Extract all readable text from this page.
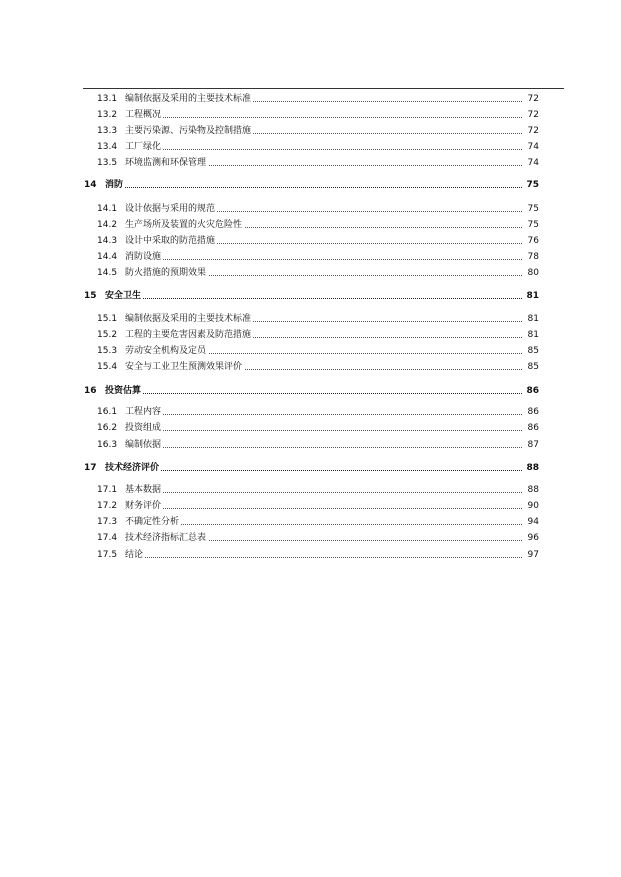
13.1 编制依据及采用的主要技术标准	72
13.2 工程概况	72
13.3 主要污染源、污染物及控制措施	72
13.4 工厂绿化	74
13.5 环境监测和环保管理	74
14 消防	75
14.1 设计依据与采用的规范	75
14.2 生产场所及装置的火灾危险性	75
14.3 设计中采取的防范措施	76
14.4 消防设施	78
14.5 防火措施的预期效果	80
15 安全卫生	81
15.1 编制依据及采用的主要技术标准	81
15.2 工程的主要危害因素及防范措施	81
15.3 劳动安全机构及定员	85
15.4 安全与工业卫生预测效果评价	85
16 投资估算	86
16.1 工程内容	86
16.2 投资组成	86
16.3 编制依据	87
17 技术经济评价	88
17.1 基本数据	88
17.2 财务评价	90
17.3 不确定性分析	94
17.4 技术经济指标汇总表	96
17.5 结论	97
